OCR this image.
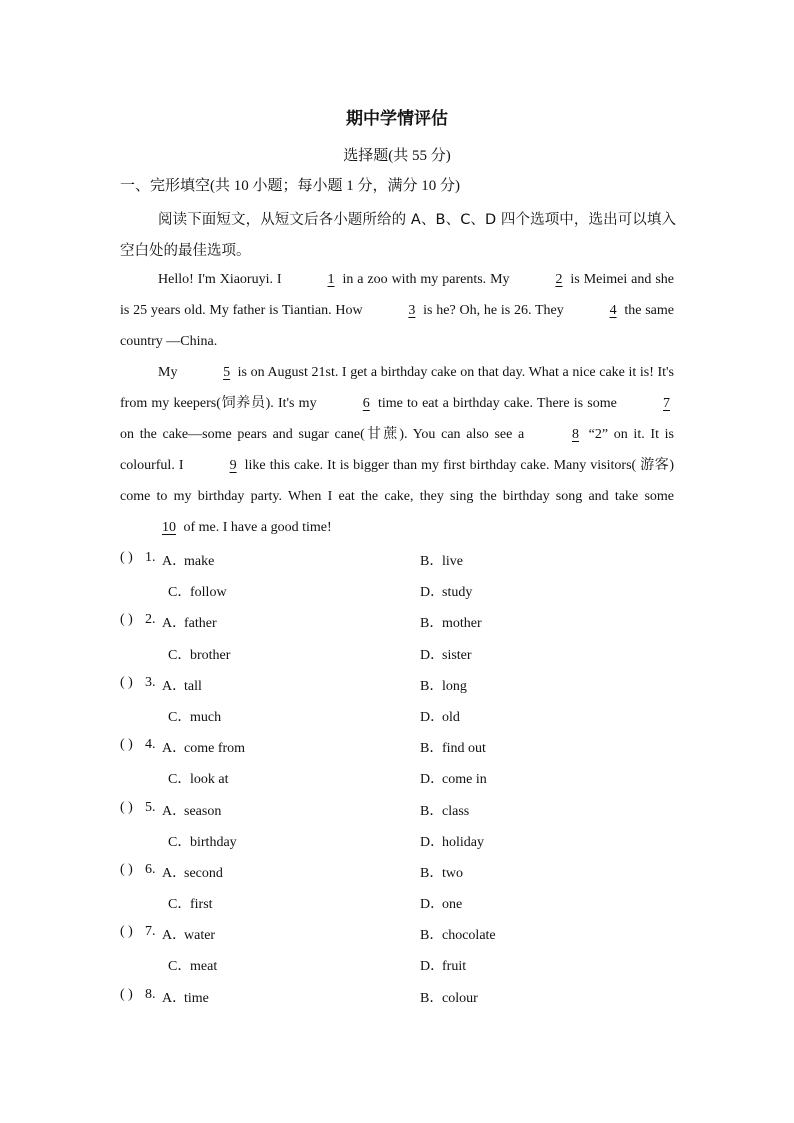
期中学情评估
选择题(共 55 分)
一、完形填空(共 10 小题；每小题 1 分，满分 10 分)
阅读下面短文，从短文后各小题所给的 A、B、C、D 四个选项中，选出可以填入空白处的最佳选项。

Hello! I'm Xiaoruyi. I	1 in a zoo with my parents. My	2 is Meimei and she is 25 years old. My father is Tiantian. How	3 is he? Oh, he is 26. They	4 the same country —China.

My	5 is on August 21st. I get a birthday cake on that day. What a nice cake it is! It's from my keepers(饲养员). It's my	6 time to eat a birthday cake. There is some	7 on the cake—some pears and sugar cane(甘蔗). You can also see a	8 “2” on it. It is colourful. I	9 like this cake. It is bigger than my first birthday cake. Many visitors( 游客) come to my birthday party. When I eat the cake, they sing the birthday song and take some 10 of me. I have a good time!

( ) 1. A．make	B．live
C．follow	D．study
( ) 2. A．father	B．mother
C．brother	D．sister
( ) 3. A．tall	B．long
C．much	D．old
( ) 4. A．come from	B．find out
C．look at	D．come in
( ) 5. A．season	B．class
C．birthday	D．holiday
( ) 6. A．second	B．two
C．first	D．one
( ) 7. A．water	B．chocolate
C．meat	D．fruit
( ) 8. A．time	B．colour
